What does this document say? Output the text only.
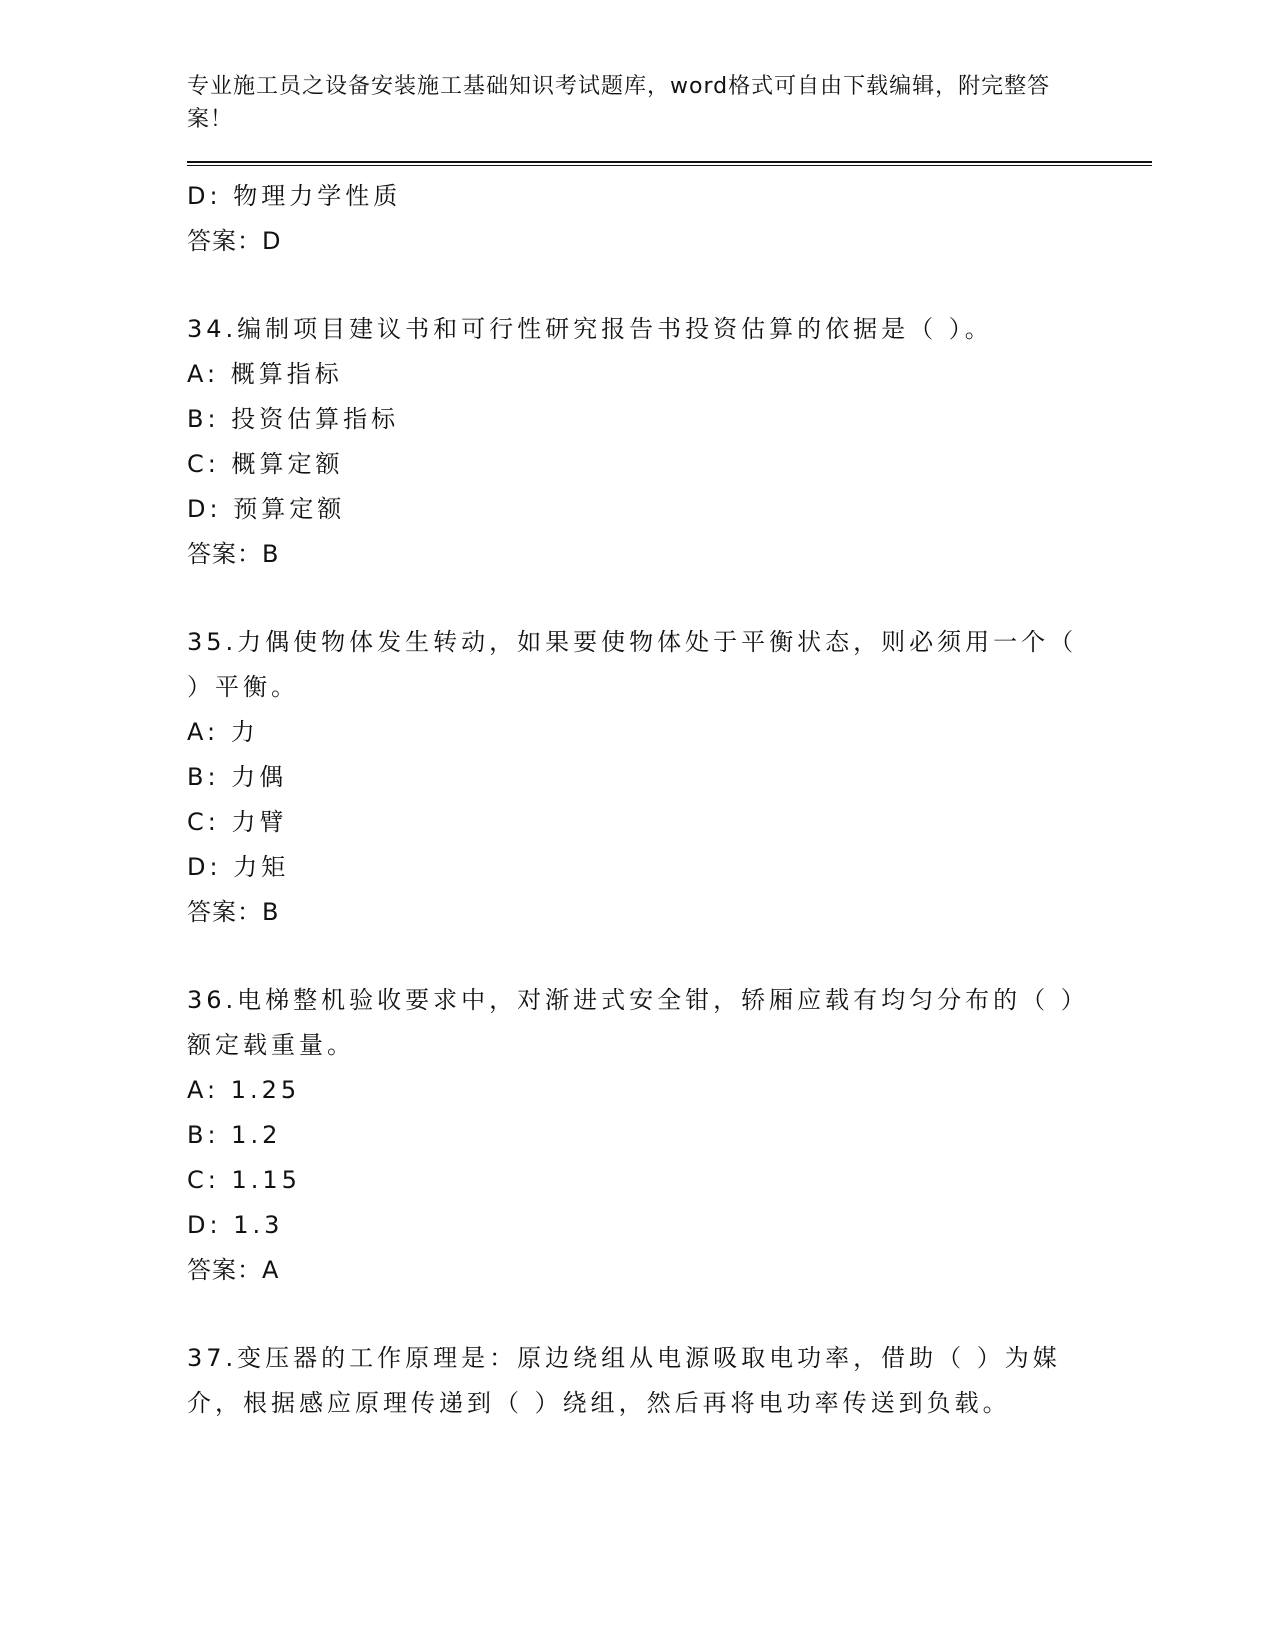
专业施工员之设备安装施工基础知识考试题库，word格式可自由下载编辑，附完整答案！
D: 物理力学性质
答案：D
34.编制项目建议书和可行性研究报告书投资估算的依据是（ ）。
A: 概算指标
B: 投资估算指标
C: 概算定额
D: 预算定额
答案：B
35.力偶使物体发生转动，如果要使物体处于平衡状态，则必须用一个（ ）平衡。
A: 力
B: 力偶
C: 力臂
D: 力矩
答案：B
36.电梯整机验收要求中，对渐进式安全钳，轿厢应载有均匀分布的（ ）额定载重量。
A: 1.25
B: 1.2
C: 1.15
D: 1.3
答案：A
37.变压器的工作原理是：原边绕组从电源吸取电功率，借助（ ）为媒介，根据感应原理传递到（ ）绕组，然后再将电功率传送到负载。
